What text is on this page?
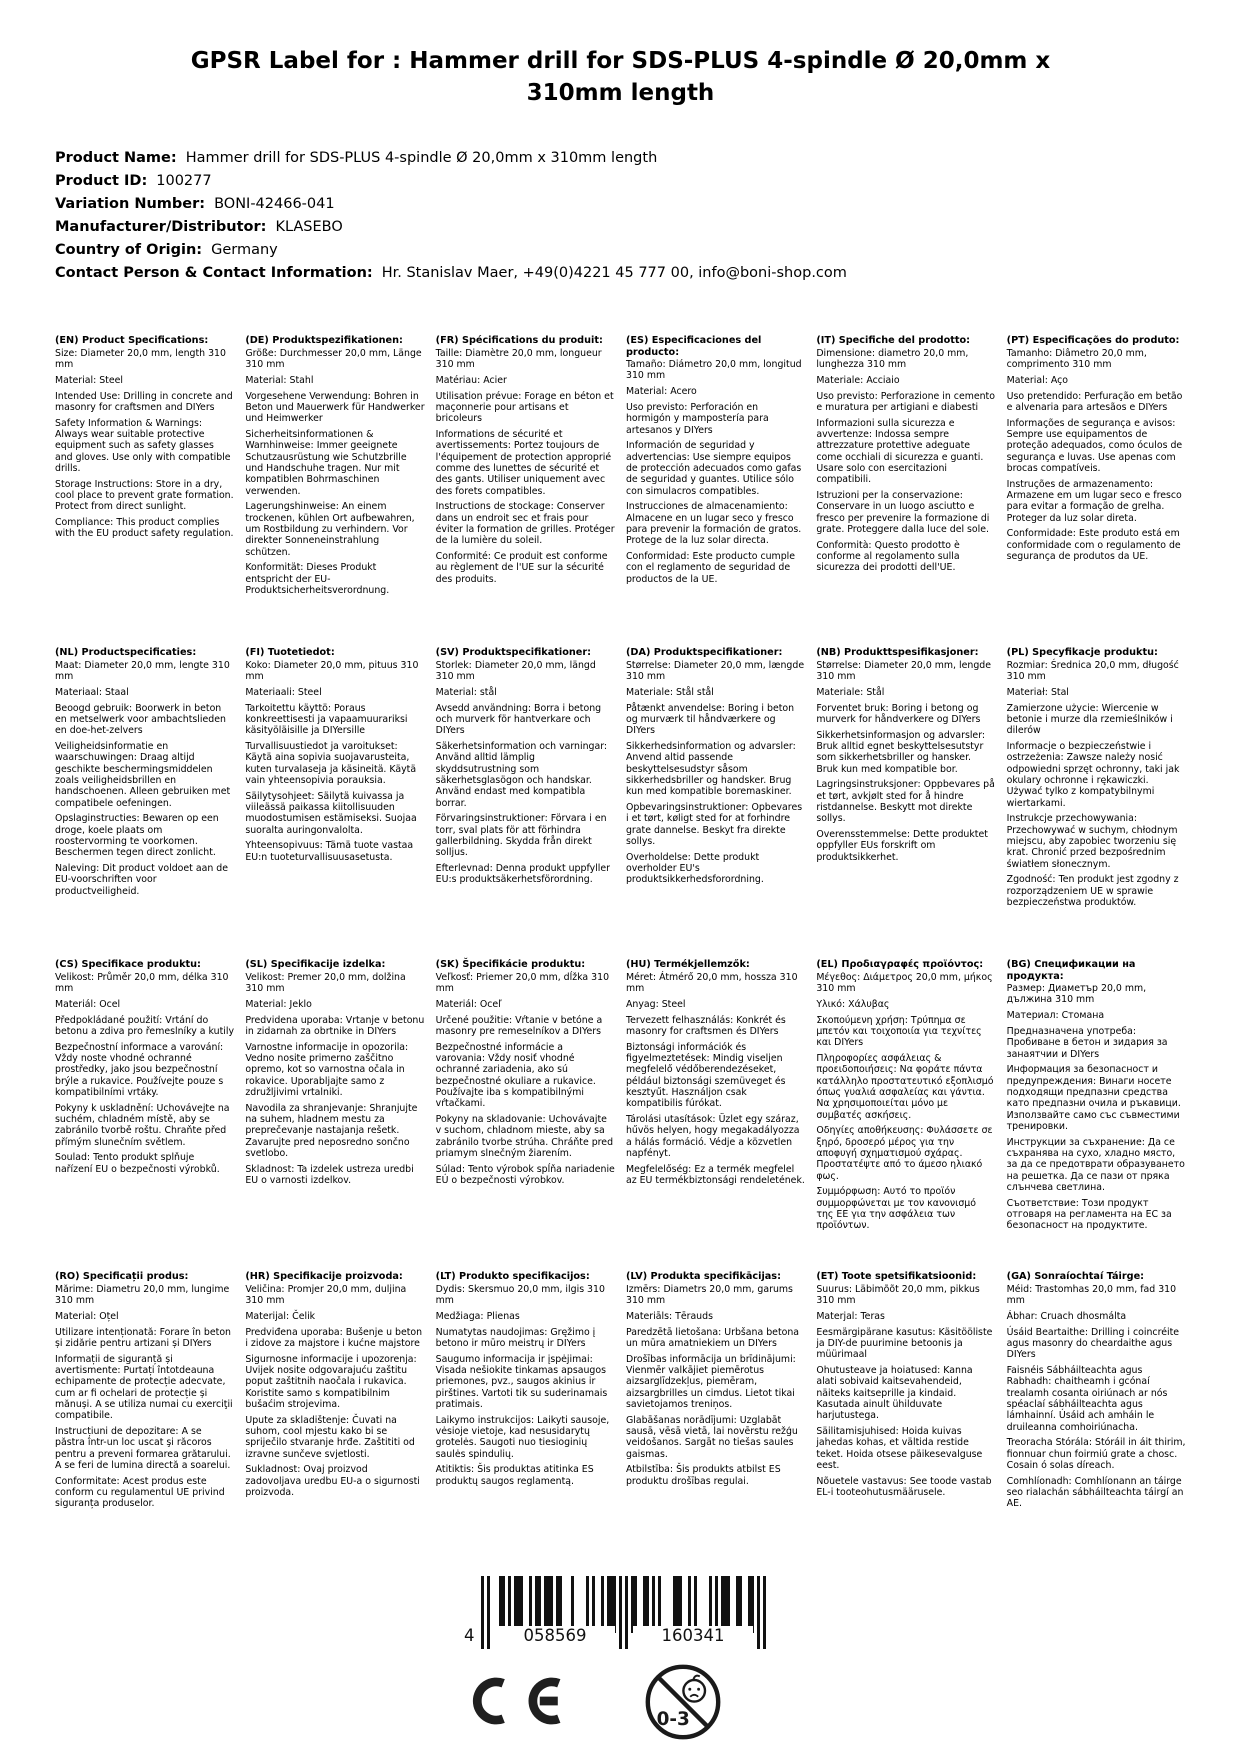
GPSR Label for : Hammer drill for SDS-PLUS 4-spindle Ø 20,0mm x 310mm length
Product Name: Hammer drill for SDS-PLUS 4-spindle Ø 20,0mm x 310mm length
Product ID: 100277
Variation Number: BONI-42466-041
Manufacturer/Distributor: KLASEBO
Country of Origin: Germany
Contact Person & Contact Information: Hr. Stanislav Maer, +49(0)4221 45 777 00, info@boni-shop.com
(EN) Product Specifications:

Size: Diameter 20,0 mm, length 310 mm

Material: Steel

Intended Use: Drilling in concrete and masonry for craftsmen and DIYers

Safety Information & Warnings: Always wear suitable protective equipment such as safety glasses and gloves. Use only with compatible drills.

Storage Instructions: Store in a dry, cool place to prevent grate formation. Protect from direct sunlight.

Compliance: This product complies with the EU product safety regulation.

(DE) Produktspezifikationen:

Größe: Durchmesser 20,0 mm, Länge 310 mm

Material: Stahl

Vorgesehene Verwendung: Bohren in Beton und Mauerwerk für Handwerker und Heimwerker

Sicherheitsinformationen & Warnhinweise: Immer geeignete Schutzausrüstung wie Schutzbrille und Handschuhe tragen. Nur mit kompatiblen Bohrmaschinen verwenden.

Lagerungshinweise: An einem trockenen, kühlen Ort aufbewahren, um Rostbildung zu verhindern. Vor direkter Sonneneinstrahlung schützen.

Konformität: Dieses Produkt entspricht der EU-Produktsicherheitsverordnung.

(FR) Spécifications du produit:

Taille: Diamètre 20,0 mm, longueur 310 mm

Matériau: Acier

Utilisation prévue: Forage en béton et maçonnerie pour artisans et bricoleurs

Informations de sécurité et avertissements: Portez toujours de l'équipement de protection approprié comme des lunettes de sécurité et des gants. Utiliser uniquement avec des forets compatibles.

Instructions de stockage: Conserver dans un endroit sec et frais pour éviter la formation de grilles. Protéger de la lumière du soleil.

Conformité: Ce produit est conforme au règlement de l'UE sur la sécurité des produits.

(ES) Especificaciones del producto:

Tamaño: Diámetro 20,0 mm, longitud 310 mm

Material: Acero

Uso previsto: Perforación en hormigón y mampostería para artesanos y DIYers

Información de seguridad y advertencias: Use siempre equipos de protección adecuados como gafas de seguridad y guantes. Utilice sólo con simulacros compatibles.

Instrucciones de almacenamiento: Almacene en un lugar seco y fresco para prevenir la formación de gratos. Protege de la luz solar directa.

Conformidad: Este producto cumple con el reglamento de seguridad de productos de la UE.

(IT) Specifiche del prodotto:

Dimensione: diametro 20,0 mm, lunghezza 310 mm

Materiale: Acciaio

Uso previsto: Perforazione in cemento e muratura per artigiani e diabesti

Informazioni sulla sicurezza e avvertenze: Indossa sempre attrezzature protettive adeguate come occhiali di sicurezza e guanti. Usare solo con esercitazioni compatibili.

Istruzioni per la conservazione: Conservare in un luogo asciutto e fresco per prevenire la formazione di grate. Proteggere dalla luce del sole.

Conformità: Questo prodotto è conforme al regolamento sulla sicurezza dei prodotti dell'UE.

(PT) Especificações do produto:

Tamanho: Diâmetro 20,0 mm, comprimento 310 mm

Material: Aço

Uso pretendido: Perfuração em betão e alvenaria para artesãos e DIYers

Informações de segurança e avisos: Sempre use equipamentos de proteção adequados, como óculos de segurança e luvas. Use apenas com brocas compatíveis.

Instruções de armazenamento: Armazene em um lugar seco e fresco para evitar a formação de grelha. Proteger da luz solar direta.

Conformidade: Este produto está em conformidade com o regulamento de segurança de produtos da UE.

(NL) Productspecificaties:

Maat: Diameter 20,0 mm, lengte 310 mm

Materiaal: Staal

Beoogd gebruik: Boorwerk in beton en metselwerk voor ambachtslieden en doe-het-zelvers

Veiligheidsinformatie en waarschuwingen: Draag altijd geschikte beschermingsmiddelen zoals veiligheidsbrillen en handschoenen. Alleen gebruiken met compatibele oefeningen.

Opslaginstructies: Bewaren op een droge, koele plaats om roostervorming te voorkomen. Beschermen tegen direct zonlicht.

Naleving: Dit product voldoet aan de EU-voorschriften voor productveiligheid.

(FI) Tuotetiedot:

Koko: Diameter 20,0 mm, pituus 310 mm

Materiaali: Steel

Tarkoitettu käyttö: Poraus konkreettisesti ja vapaamuurariksi käsityöläisille ja DIYersille

Turvallisuustiedot ja varoitukset: Käytä aina sopivia suojavarusteita, kuten turvalaseja ja käsineitä. Käytä vain yhteensopivia porauksia.

Säilytysohjeet: Säilytä kuivassa ja viileässä paikassa kiitollisuuden muodostumisen estämiseksi. Suojaa suoralta auringonvalolta.

Yhteensopivuus: Tämä tuote vastaa EU:n tuoteturvallisuusasetusta.

(SV) Produktspecifikationer:

Storlek: Diameter 20,0 mm, längd 310 mm

Material: stål

Avsedd användning: Borra i betong och murverk för hantverkare och DIYers

Säkerhetsinformation och varningar: Använd alltid lämplig skyddsutrustning som säkerhetsglasögon och handskar. Använd endast med kompatibla borrar.

Förvaringsinstruktioner: Förvara i en torr, sval plats för att förhindra gallerbildning. Skydda från direkt solljus.

Efterlevnad: Denna produkt uppfyller EU:s produktsäkerhetsförordning.

(DA) Produktspecifikationer:

Størrelse: Diameter 20,0 mm, længde 310 mm

Materiale: Stål stål

Påtænkt anvendelse: Boring i beton og murværk til håndværkere og DIYers

Sikkerhedsinformation og advarsler: Anvend altid passende beskyttelsesudstyr såsom sikkerhedsbriller og handsker. Brug kun med kompatible boremaskiner.

Opbevaringsinstruktioner: Opbevares i et tørt, køligt sted for at forhindre grate dannelse. Beskyt fra direkte sollys.

Overholdelse: Dette produkt overholder EU's produktsikkerhedsforordning.

(NB) Produkttspesifikasjoner:

Størrelse: Diameter 20,0 mm, lengde 310 mm

Materiale: Stål

Forventet bruk: Boring i betong og murverk for håndverkere og DIYers

Sikkerhetsinformasjon og advarsler: Bruk alltid egnet beskyttelsesutstyr som sikkerhetsbriller og hansker. Bruk kun med kompatible bor.

Lagringsinstruksjoner: Oppbevares på et tørt, avkjølt sted for å hindre ristdannelse. Beskytt mot direkte sollys.

Overensstemmelse: Dette produktet oppfyller EUs forskrift om produktsikkerhet.

(PL) Specyfikacje produktu:

Rozmiar: Średnica 20,0 mm, długość 310 mm

Materiał: Stal

Zamierzone użycie: Wiercenie w betonie i murze dla rzemieślników i dilerów

Informacje o bezpieczeństwie i ostrzeżenia: Zawsze należy nosić odpowiedni sprzęt ochronny, taki jak okulary ochronne i rękawiczki. Używać tylko z kompatybilnymi wiertarkami.

Instrukcje przechowywania: Przechowywać w suchym, chłodnym miejscu, aby zapobiec tworzeniu się krat. Chronić przed bezpośrednim światłem słonecznym.

Zgodność: Ten produkt jest zgodny z rozporządzeniem UE w sprawie bezpieczeństwa produktów.

(CS) Specifikace produktu:

Velikost: Průměr 20,0 mm, délka 310 mm

Materiál: Ocel

Předpokládané použití: Vrtání do betonu a zdiva pro řemeslníky a kutily

Bezpečnostní informace a varování: Vždy noste vhodné ochranné prostředky, jako jsou bezpečnostní brýle a rukavice. Používejte pouze s kompatibilními vrtáky.

Pokyny k uskladnění: Uchovávejte na suchém, chladném místě, aby se zabránilo tvorbě roštu. Chraňte před přímým slunečním světlem.

Soulad: Tento produkt splňuje nařízení EU o bezpečnosti výrobků.

(SL) Specifikacije izdelka:

Velikost: Premer 20,0 mm, dolžina 310 mm

Material: Jeklo

Predvidena uporaba: Vrtanje v betonu in zidarnah za obrtnike in DIYers

Varnostne informacije in opozorila: Vedno nosite primerno zaščitno opremo, kot so varnostna očala in rokavice. Uporabljajte samo z združljivimi vrtalniki.

Navodila za shranjevanje: Shranjujte na suhem, hladnem mestu za preprečevanje nastajanja rešetk. Zavarujte pred neposredno sončno svetlobo.

Skladnost: Ta izdelek ustreza uredbi EU o varnosti izdelkov.

(SK) Špecifikácie produktu:

Veľkosť: Priemer 20,0 mm, dĺžka 310 mm

Materiál: Oceľ

Určené použitie: Vŕtanie v betóne a masonry pre remeselníkov a DIYers

Bezpečnostné informácie a varovania: Vždy nosiť vhodné ochranné zariadenia, ako sú bezpečnostné okuliare a rukavice. Používajte iba s kompatibilnými vŕtačkami.

Pokyny na skladovanie: Uchovávajte v suchom, chladnom mieste, aby sa zabránilo tvorbe strúha. Chráňte pred priamym slnečným žiarením.

Súlad: Tento výrobok spĺňa nariadenie EÚ o bezpečnosti výrobkov.

(HU) Termékjellemzők:

Méret: Átmérő 20,0 mm, hossza 310 mm

Anyag: Steel

Tervezett felhasználás: Konkrét és masonry for craftsmen és DIYers

Biztonsági információk és figyelmeztetések: Mindig viseljen megfelelő védőberendezéseket, például biztonsági szemüveget és kesztyűt. Használjon csak kompatibilis fúrókat.

Tárolási utasítások: Üzlet egy száraz, hűvös helyen, hogy megakadályozza a hálás formáció. Védje a közvetlen napfényt.

Megfelelőség: Ez a termék megfelel az EU termékbiztonsági rendeletének.

(EL) Προδιαγραφές προϊόντος:

Μέγεθος: Διάμετρος 20,0 mm, μήκος 310 mm

Υλικό: Χάλυβας

Σκοπούμενη χρήση: Τρύπημα σε μπετόν και τοιχοποιία για τεχνίτες και DIYers

Πληροφορίες ασφάλειας & προειδοποιήσεις: Να φοράτε πάντα κατάλληλο προστατευτικό εξοπλισμό όπως γυαλιά ασφαλείας και γάντια. Να χρησιμοποιείται μόνο με συμβατές ασκήσεις.

Οδηγίες αποθήκευσης: Φυλάσσετε σε ξηρό, δροσερό μέρος για την αποφυγή σχηματισμού σχάρας. Προστατέψτε από το άμεσο ηλιακό φως.

Συμμόρφωση: Αυτό το προϊόν συμμορφώνεται με τον κανονισμό της ΕΕ για την ασφάλεια των προϊόντων.

(BG) Спецификации на продукта:

Размер: Диаметър 20,0 mm, дължина 310 mm

Материал: Стомана

Предназначена употреба: Пробиване в бетон и зидария за занаятчии и DIYers

Информация за безопасност и предупреждения: Винаги носете подходящи предпазни средства като предпазни очила и ръкавици. Използвайте само със съвместими тренировки.

Инструкции за съхранение: Да се съхранява на сухо, хладно място, за да се предотврати образуването на решетка. Да се пази от пряка слънчева светлина.

Съответствие: Този продукт отговаря на регламента на ЕС за безопасност на продуктите.

(RO) Specificații produs:

Mărime: Diametru 20,0 mm, lungime 310 mm

Material: Oțel

Utilizare intenționată: Forare în beton și zidărie pentru artizani și DIYers

Informații de siguranță și avertismente: Purtați întotdeauna echipamente de protecție adecvate, cum ar fi ochelari de protecție și mănuși. A se utiliza numai cu exerciţii compatibile.

Instrucțiuni de depozitare: A se păstra într-un loc uscat şi răcoros pentru a preveni formarea grătarului. A se feri de lumina directă a soarelui.

Conformitate: Acest produs este conform cu regulamentul UE privind siguranța produselor.

(HR) Specifikacije proizvoda:

Veličina: Promjer 20,0 mm, duljina 310 mm

Materijal: Čelik

Predviđena uporaba: Bušenje u beton i zidove za majstore i kućne majstore

Sigurnosne informacije i upozorenja: Uvijek nosite odgovarajuću zaštitu poput zaštitnih naočala i rukavica. Koristite samo s kompatibilnim bušaćim strojevima.

Upute za skladištenje: Čuvati na suhom, cool mjestu kako bi se spriječilo stvaranje hrđe. Zaštititi od izravne sunčeve svjetlosti.

Sukladnost: Ovaj proizvod zadovoljava uredbu EU-a o sigurnosti proizvoda.

(LT) Produkto specifikacijos:

Dydis: Skersmuo 20,0 mm, ilgis 310 mm

Medžiaga: Plienas

Numatytas naudojimas: Gręžimo į betono ir mūro meistrų ir DIYers

Saugumo informacija ir įspėjimai: Visada nešiokite tinkamas apsaugos priemones, pvz., saugos akinius ir pirštines. Vartoti tik su suderinamais pratimais.

Laikymo instrukcijos: Laikyti sausoje, vėsioje vietoje, kad nesusidarytų grotelės. Saugoti nuo tiesioginių saulės spindulių.

Atitiktis: Šis produktas atitinka ES produktų saugos reglamentą.

(LV) Produkta specifikācijas:

Izmērs: Diametrs 20,0 mm, garums 310 mm

Materiāls: Tērauds

Paredzētā lietošana: Urbšana betona un mūra amatniekiem un DIYers

Drošības informācija un brīdinājumi: Vienmēr valkājiet piemērotus aizsarglīdzekļus, piemēram, aizsargbrilles un cimdus. Lietot tikai savietojamos treniņos.

Glabāšanas norādījumi: Uzglabāt sausā, vēsā vietā, lai novērstu režģu veidošanos. Sargāt no tiešas saules gaismas.

Atbilstība: Šis produkts atbilst ES produktu drošības regulai.

(ET) Toote spetsifikatsioonid:

Suurus: Läbimõõt 20,0 mm, pikkus 310 mm

Materjal: Teras

Eesmärgipärane kasutus: Käsitööliste ja DIY-de puurimine betoonis ja müürimaal

Ohutusteave ja hoiatused: Kanna alati sobivaid kaitsevahendeid, näiteks kaitseprille ja kindaid. Kasutada ainult ühilduvate harjutustega.

Säilitamisjuhised: Hoida kuivas jahedas kohas, et vältida restide teket. Hoida otsese päikesevalguse eest.

Nõuetele vastavus: See toode vastab EL-i tooteohutusmäärusele.

(GA) Sonraíochtaí Táirge:

Méid: Trastomhas 20,0 mm, fad 310 mm

Ábhar: Cruach dhosmálta

Úsáid Beartaithe: Drilling i coincréite agus masonry do cheardaithe agus DIYers

Faisnéis Sábháilteachta agus Rabhadh: chaitheamh i gcónaí trealamh cosanta oiriúnach ar nós spéaclaí sábháilteachta agus lámhainní. Úsáid ach amháin le druileanna comhoiriúnacha.

Treoracha Stórála: Stóráil in áit thirim, fionnuar chun foirmiú grate a chosc. Cosain ó solas díreach.

Comhlíonadh: Comhlíonann an táirge seo rialachán sábháilteachta táirgí an AE.

4	058569	160341
0-3
